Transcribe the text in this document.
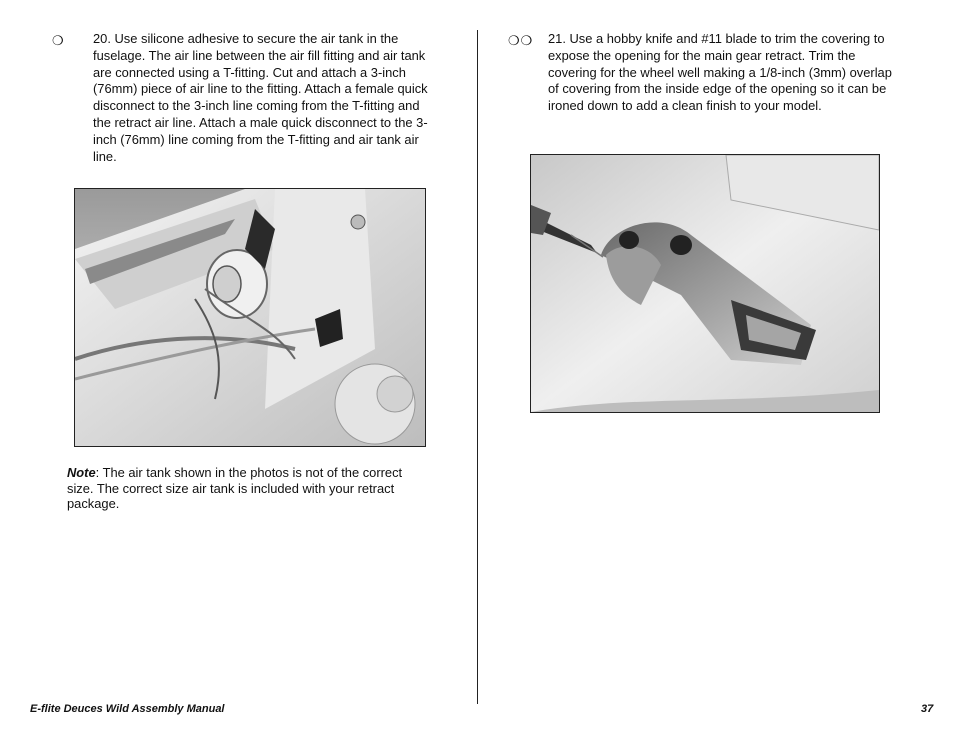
❍ 20. Use silicone adhesive to secure the air tank in the fuselage. The air line between the air fill fitting and air tank are connected using a T-fitting. Cut and attach a 3-inch (76mm) piece of air line to the fitting. Attach a female quick disconnect to the 3-inch line coming from the T-fitting and the retract air line. Attach a male quick disconnect to the 3-inch (76mm) line coming from the T-fitting and air tank air line.

Note: The air tank shown in the photos is not of the correct size. The correct size air tank is included with your retract package.

❍❍ 21. Use a hobby knife and #11 blade to trim the covering to expose the opening for the main gear retract. Trim the covering for the wheel well making a 1/8-inch (3mm) overlap of covering from the inside edge of the opening so it can be ironed down to add a clean finish to your model.

E-flite Deuces Wild Assembly Manual	37
